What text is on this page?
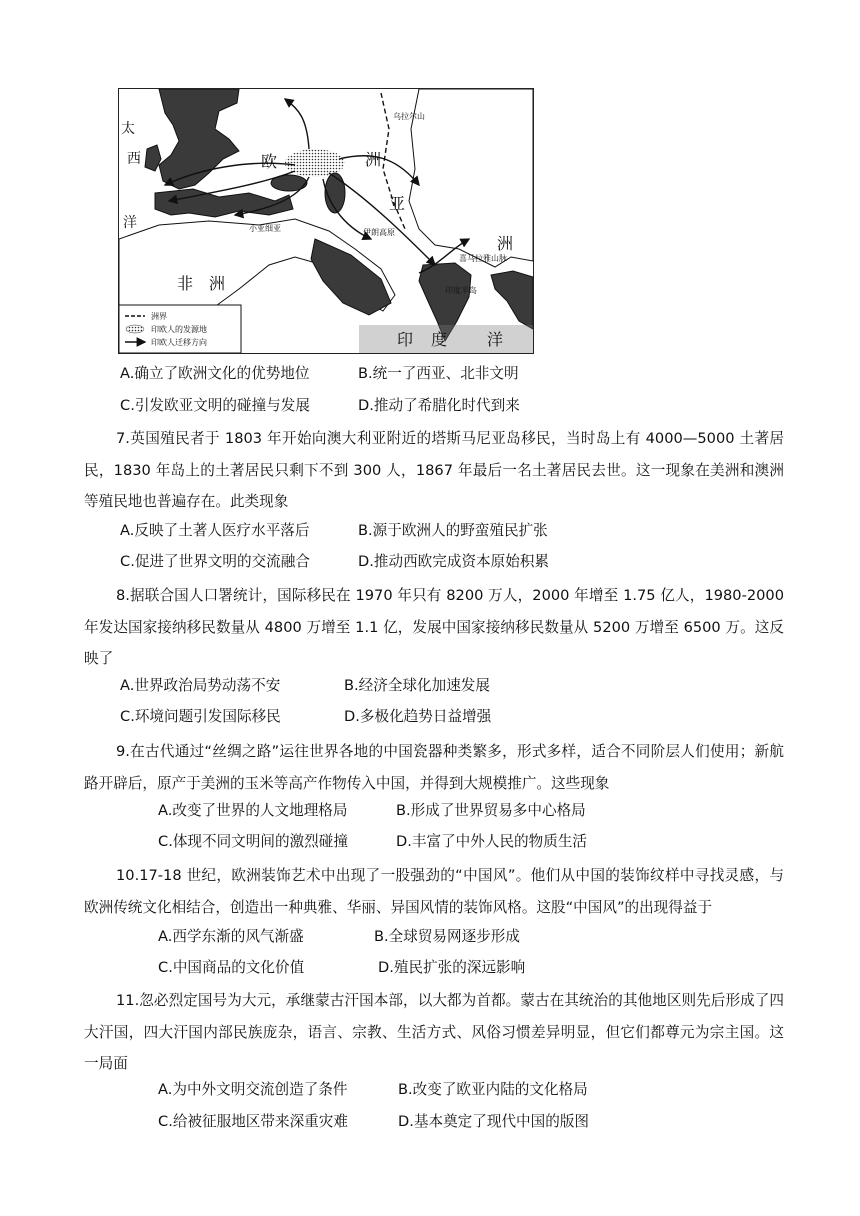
太
西
洋
欧	洲
亚
洲
非　洲
印 度 洋
伊朗高原
小亚细亚
喜马拉雅山脉
印度半岛
乌拉尔山
洲界
印欧人的发源地
印欧人迁移方向
A.确立了欧洲文化的优势地位	B.统一了西亚、北非文明
C.引发欧亚文明的碰撞与发展	D.推动了希腊化时代到来
7.英国殖民者于 1803 年开始向澳大利亚附近的塔斯马尼亚岛移民，当时岛上有 4000—5000 土著居民，1830 年岛上的土著居民只剩下不到 300 人，1867 年最后一名土著居民去世。这一现象在美洲和澳洲等殖民地也普遍存在。此类现象
A.反映了土著人医疗水平落后	B.源于欧洲人的野蛮殖民扩张
C.促进了世界文明的交流融合	D.推动西欧完成资本原始积累
8.据联合国人口署统计，国际移民在 1970 年只有 8200 万人，2000 年增至 1.75 亿人，1980-2000 年发达国家接纳移民数量从 4800 万增至 1.1 亿，发展中国家接纳移民数量从 5200 万增至 6500 万。这反映了
A.世界政治局势动荡不安	B.经济全球化加速发展
C.环境问题引发国际移民	D.多极化趋势日益增强
9.在古代通过“丝绸之路”运往世界各地的中国瓷器种类繁多，形式多样，适合不同阶层人们使用；新航路开辟后，原产于美洲的玉米等高产作物传入中国，并得到大规模推广。这些现象
A.改变了世界的人文地理格局	B.形成了世界贸易多中心格局
C.体现不同文明间的激烈碰撞	D.丰富了中外人民的物质生活
10.17-18 世纪，欧洲装饰艺术中出现了一股强劲的“中国风”。他们从中国的装饰纹样中寻找灵感，与欧洲传统文化相结合，创造出一种典雅、华丽、异国风情的装饰风格。这股“中国风”的出现得益于
A.西学东渐的风气渐盛	B.全球贸易网逐步形成
C.中国商品的文化价值	D.殖民扩张的深远影响
11.忽必烈定国号为大元，承继蒙古汗国本部，以大都为首都。蒙古在其统治的其他地区则先后形成了四大汗国，四大汗国内部民族庞杂，语言、宗教、生活方式、风俗习惯差异明显，但它们都尊元为宗主国。这一局面
A.为中外文明交流创造了条件	B.改变了欧亚内陆的文化格局
C.给被征服地区带来深重灾难	D.基本奠定了现代中国的版图
